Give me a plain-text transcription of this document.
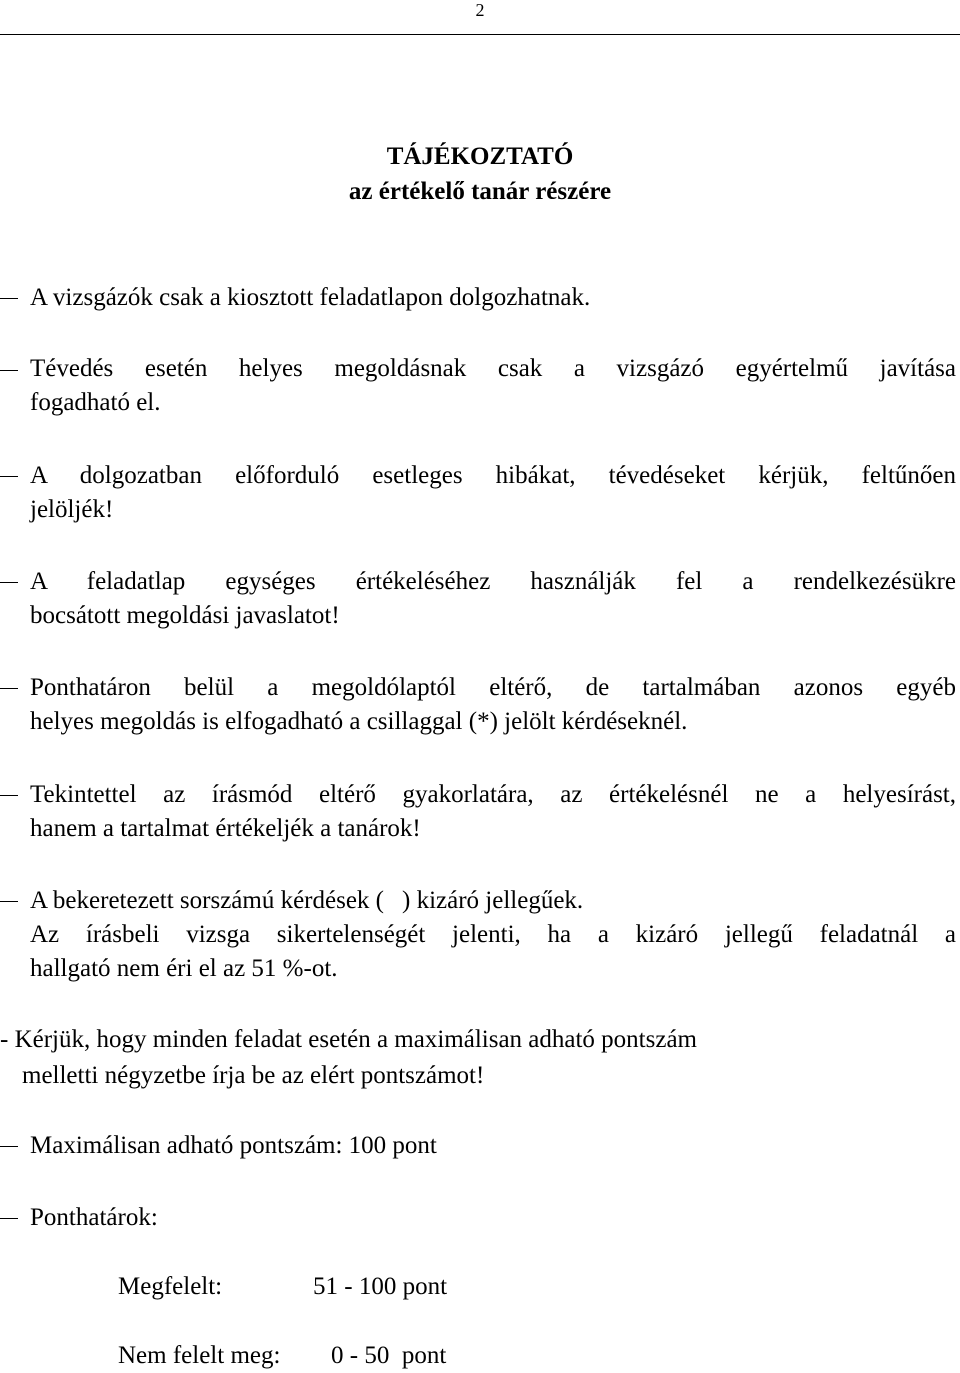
2
TÁJÉKOZTATÓ
az értékelő tanár részére
A vizsgázók csak a kiosztott feladatlapon dolgozhatnak.
Tévedés esetén helyes megoldásnak csak a vizsgázó egyértelmű javítása
fogadható el.
A dolgozatban előforduló esetleges hibákat, tévedéseket kérjük, feltűnően
jelöljék!
A feladatlap egységes értékeléséhez használják fel a rendelkezésükre
bocsátott megoldási javaslatot!
Ponthatáron belül a megoldólaptól eltérő, de tartalmában azonos egyéb
helyes megoldás is elfogadható a csillaggal (*) jelölt kérdéseknél.
Tekintettel az írásmód eltérő gyakorlatára, az értékelésnél ne a helyesírást,
hanem a tartalmat értékeljék a tanárok!
A bekeretezett sorszámú kérdések ( ) kizáró jellegűek.
Az írásbeli vizsga sikertelenségét jelenti, ha a kizáró jellegű feladatnál a
hallgató nem éri el az 51 %-ot.
- Kérjük, hogy minden feladat esetén a maximálisan adható pontszám
melletti négyzetbe írja be az elért pontszámot!
Maximálisan adható pontszám: 100 pont
Ponthatárok:
Megfelelt:	51 - 100 pont
Nem felelt meg: 0 - 50  pont
